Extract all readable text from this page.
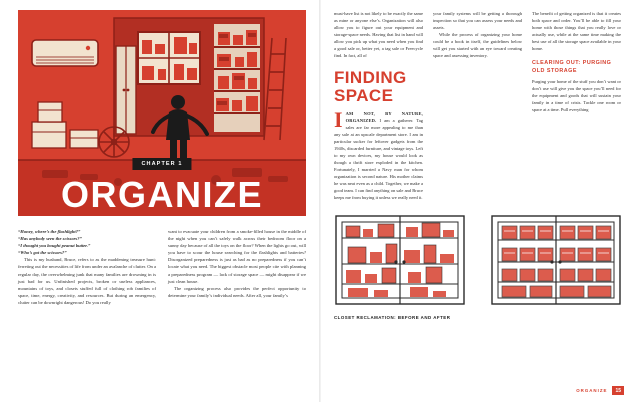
CHAPTER 1
ORGANIZE
“Honey, where’s the flashlight?”
“Has anybody seen the scissors?”
“I thought you bought peanut butter.”
“Who’s got the scissors?”

This is my husband, Bruce, refers to as the maddening treasure hunt: ferreting out the necessities of life from under an avalanche of clutter. On a regular day, the overwhelming junk that many families are drowning in is just bad for us. Unfinished projects, broken or useless appliances, mountains of toys, and closets stuffed full of clothing rob families of space, time, energy, creativity, and resources. But during an emergency, clutter can be downright dangerous! Do you really

want to evacuate your children from a smoke-filled house in the middle of the night when you can’t safely walk across their bedroom floor on a sunny day because of all the toys on the floor? When the lights go out, will you have to scour the house searching for the flashlights and batteries? Disorganized preparedness is just as bad as no preparedness if you can’t locate what you need. The biggest obstacle most people cite with planning a preparedness program — lack of storage space — might disappear if we just clean house.

The organizing process also provides the perfect opportunity to determine your family’s individual needs. After all, your family’s

must-have list is not likely to be exactly the same as mine or anyone else’s. Organization will also allow you to figure out your equipment and storage-space needs. Having that list in hand will allow you pick up what you need when you find a good sale or, better yet, a tag sale or Freecycle find. In fact, all of

FINDING SPACE

IAM NOT, BY NATURE, ORGANIZED. I am a gatherer. Tag sales are far more appealing to me than any sale at an upscale department store. I am in particular sucker for leftover gadgets from the 1940s, discarded furniture, and vintage toys. Left to my own devices, my house would look as though a thrift store exploded in the kitchen. Fortunately, I married a Navy man for whom organization is second nature. His mother claims he was neat even as a child. Together, we make a good team. I can find anything on sale and Bruce keeps me from buying it unless we really need it.

your family systems will be getting a thorough inspection so that you can assess your needs and assets.

While the process of organizing your home could be a book in itself, the guidelines below will get you started with an eye toward creating space and assessing inventory.

The benefit of getting organized is that it creates both space and order. You’ll be able to fill your home with those things that you really love or actually use, while at the same time making the best use of all the storage space available in your home.

CLEARING OUT: PURGING OLD STORAGE

Purging your home of the stuff you don’t want or don’t use will give you the space you’ll need for the equipment and goods that will sustain your family in a time of crisis. Tackle one room or space at a time. Pull everything

CLOSET RECLAMATION: BEFORE AND AFTER
ORGANIZE	15
